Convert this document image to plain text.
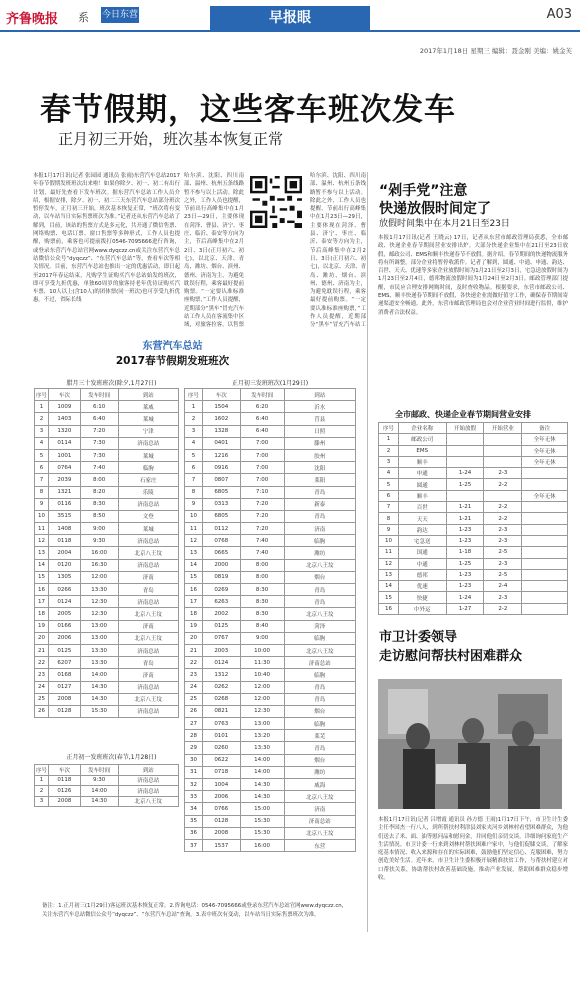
齐鲁晚报 系 今日东营	早报眼	A03
2017年1月18日 星期三 编辑：聂金刚 美编：姚金芙
春节假期，这些客车班次发车
正月初三开始，班次基本恢复正常
本报1月17日讯(记者 张园园 通讯员 张雨)东营汽车总站2017年春节假期发班班次出来啦！如果你除夕、初一、初二有出行计划，最好先查看下发车班次。据东营汽车总站工作人员介绍，根据安排，除夕、初一、初二三天东营汽车总站部分班次暂停发车，正月初三开始，班次基本恢复正常，“班次将有变动，以车站当日实际售票班次为准。”记者还从东营汽车总站了解到，目前，该站的售票方式是多元化，共开通了微信售票、网络购票、电话订票、窗口售票等多种形式，工作人员也提醒，购票前，乘客也可提前拨打0546-7095666进行咨询，或登录东营汽车总站官网www.dyqczz.cn或关注东营汽车总站微信公众号“dyqczz”、“东营汽车总站”等，查看车次等相关情况。目前，东营汽车总站也推出一定的优惠活动，即日起至2017年春运结束，凡购学生证购买汽车总站始发的班次，即可享受九折优惠，单独60周岁的旅客持老年优待证购买汽车票，10人以上(含10人)的团体票(同一班次)也可享受九折优惠。不过，省际长线
哈尔滨、沈阳、四川南部、温州、杭州五条线路暂不参与以上活动。除此之外，工作人员也提醒，节前出行高峰集中在1月23日—29日，主要体现在菏泽、曹县、济宁、枣庄、临沂、泰安等方向为主，节后高峰集中在2月2日、3日(正月初六、初七)，以北京、天津、青岛、潍坊、烟台、滨州、德州、济南为主，为避免耽误行程，乘客最好提前购票。“一定要认准标准座购票，”工作人员提醒，近期部分“黑车”冒充汽车站工作人员在客流集中区域，对旅客拉客。以售票
哈尔滨、沈阳、四川南部、温州、杭州五条线路暂不参与以上活动。除此之外，工作人员也提醒，节前出行高峰集中在1月23日—29日，主要体现在菏泽、曹县、济宁、枣庄、临沂、泰安等方向为主，节后高峰集中在2月2日、3日(正月初六、初七)，以北京、天津、青岛、潍坊、烟台、滨州、德州、济南为主，为避免耽误行程，乘客最好提前购票。“一定要认准标准座购票，”工作人员提醒，近期部分“黑车”冒充汽车站工
“剁手党”注意
快递放假时间定了
放假时间集中在本月21日至23日
本报1月17日讯(记者 王晓云) 17日，记者从东营市邮政管理局获悉，全市邮政、快递企业春节期间营业安排出炉。大部分快递企业集中在21日至23日放假，邮政公司、EMS和顺丰快递春节不放假。据介绍，春节期间的快递物流服务将有所调整，部分企业将暂停收派件。记者了解到，圆通、中通、申通、韵达、百世、天天、优速等多家企业放假时间为1月21日至2月3日，宅急送放假时间为1月23日至2月4日，德邦物流放假时间为1月24日至2月3日。邮政管理部门提醒，市民应合理安排网购时间，及时查收物品。根据要求，东营市邮政公司、EMS、顺丰快递春节期间不放假，各快递企业需做好值守工作，确保春节期间寄递渠道安全畅通。此外，东营市邮政管理局也会对企业营业时间进行监督，维护消费者合法权益。
东营汽车总站
2017春节假期发班班次
腊月三十发班班次(除夕,1月27日)
序号	车次	发车时间	到站
1	1009	6:10	莱威
2	1403	6:40	莱城
3	1320	7:20	宁津
4	0114	7:30	济南总站
5	1001	7:30	莱城
6	0764	7:40	临朐
7	2039	8:00	石家庄
8	1321	8:20	乐陵
9	0116	8:30	济南总站
10	3515	8:50	文登
11	1408	9:00	莱城
12	0118	9:30	济南总站
13	2004	16:00	北京八王坟
14	0120	16:30	济南总站
15	1305	12:00	济南
16	0266	13:30	青岛
17	0124	12:30	济南总站
18	2005	12:30	北京八王坟
19	0166	13:00	济南
20	2006	13:00	北京八王坟
21	0125	13:30	济南总站
22	6207	13:30	青岛
23	0168	14:00	济南
24	0127	14:30	济南总站
25	2008	14:30	北京八王坟
26	0128	15:30	济南总站
正月初一发班班次(春节,1月28日)
序号	车次	发车时间	到站
1	0118	9:30	济南总站
2	0126	14:00	济南总站
3	2008	14:30	北京八王坟
正月初三发班班次(1月29日)
序号	车次	发车时间	到站
1	1504	6:20	沂水
2	1602	6:40	莒县
3	1328	6:40	日照
4	0401	7:00	滕州
5	1216	7:00	胶州
6	0916	7:00	沈阳
7	0807	7:00	莱阳
8	6805	7:10	青岛
9	0313	7:20	新泰
10	6805	7:20	青岛
11	0112	7:20	济南
12	0768	7:40	临朐
13	0665	7:40	潍坊
14	2000	8:00	北京八王坟
15	0819	8:00	烟台
16	0269	8:30	青岛
17	6263	8:30	青岛
18	2002	8:30	北京八王坟
19	0125	8:40	菏泽
20	0767	9:00	临朐
21	2003	10:00	北京八王坟
22	0124	11:30	济南总站
23	1312	10:40	临朐
24	0262	12:00	青岛
25	0268	12:00	青岛
26	0821	12:30	烟台
27	0763	13:00	临朐
28	0101	13:20	莱芜
29	0260	13:30	青岛
30	0622	14:00	烟台
31	0718	14:00	潍坊
32	1004	14:30	威海
33	2006	14:30	北京八王坟
34	0766	15:00	济南
35	0128	15:30	济南总站
36	2008	15:30	北京八王坟
37	1537	16:00	东营
全市邮政、快递企业春节期间营业安排
序号	企业名称	开始放假	开始营业	备注
1	邮政公司			全年无休
2	EMS			全年无休
3	顺丰			全年无休
4	申通	1-24	2-3	
5	圆通	1-25	2-2	
6	顺丰			全年无休
7	百世	1-21	2-2	
8	天天	1-21	2-2	
9	韵达	1-23	2-3	
10	宅急送	1-23	2-3	
11	国通	1-18	2-5	
12	中通	1-25	2-3	
13	德邦	1-23	2-5	
14	优速	1-23	2-4	
15	快捷	1-24	2-3	
16	中外运	1-27	2-2	
市卫计委领导
走访慰问帮扶村困难群众
本报1月17日讯(记者 吕增霞 通讯员 孙方德 王雨)1月17日下午，市卫生计生委主任李国杰一行八人，到所帮扶村利津县刘家夹河乡刘林村看望困难群众，为他们送去了米、面、油等慰问品和慰问金，并同他们亲切交谈，详细询问家庭生产生活情况。市卫计委一行来到刘林村帮扶困难户家中，与他们促膝交谈，了解家庭基本情况、收入来源和存在的实际困难，鼓励他们坚定信心、克服困难，努力创造美好生活。近年来，市卫生计生委积极开展精准扶贫工作，与帮扶村建立对口帮扶关系，协助帮扶村改善基础设施，推动产业发展，帮助困难群众稳步增收。
备注：1.正月初三(1月29日)客运班次基本恢复正常。2.咨询电话：0546-7095666或登录东营汽车总站官网www.dyqczz.cn，关注东营汽车总站微信公众号“dyqczz”、“东营汽车总站”查询。3.表中班次有变动，以车站当日实际售票班次为准。
